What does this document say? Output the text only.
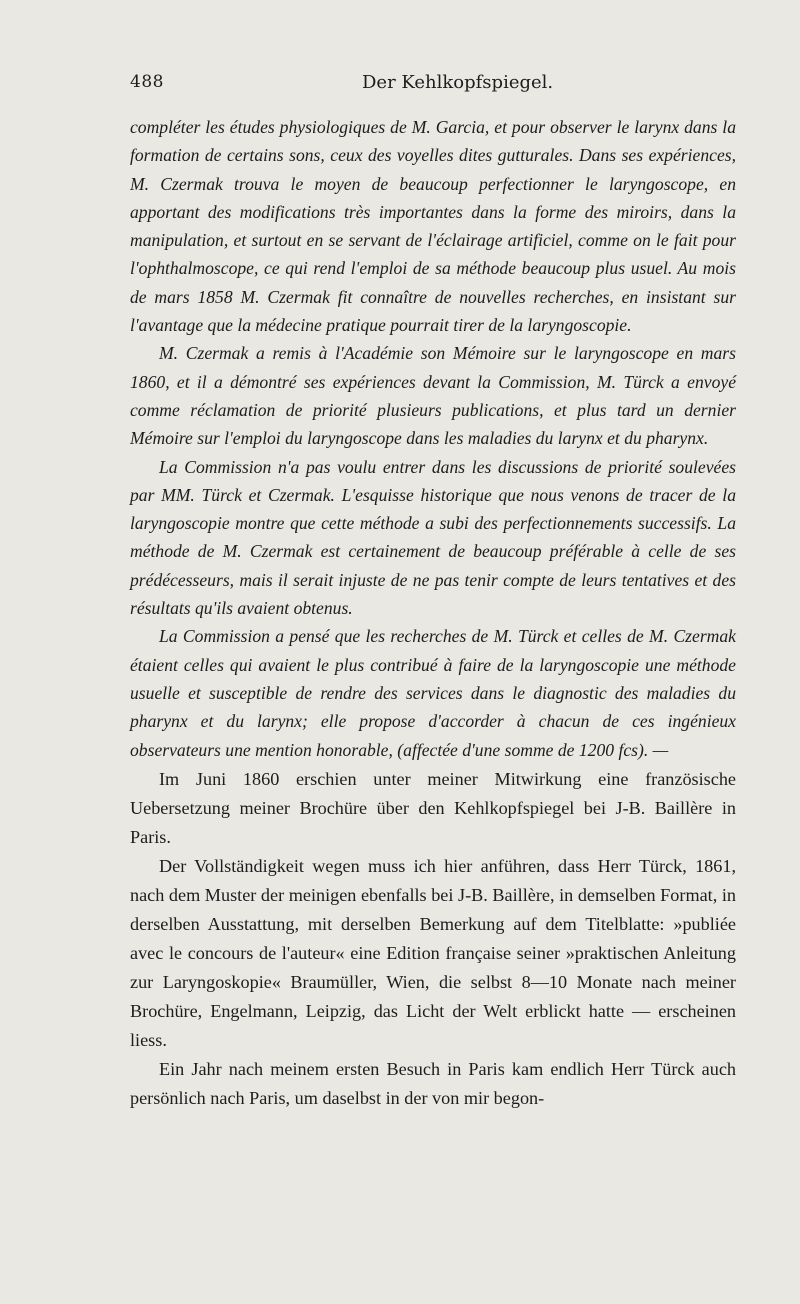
488	Der Kehlkopfspiegel.

compléter les études physiologiques de M. Garcia, et pour observer le larynx dans la formation de certains sons, ceux des voyelles dites gutturales. Dans ses expériences, M. Czermak trouva le moyen de beaucoup perfectionner le laryngoscope, en apportant des modifications très importantes dans la forme des miroirs, dans la manipulation, et surtout en se servant de l'éclairage artificiel, comme on le fait pour l'ophthalmoscope, ce qui rend l'emploi de sa méthode beaucoup plus usuel. Au mois de mars 1858 M. Czermak fit connaître de nouvelles recherches, en insistant sur l'avantage que la médecine pratique pourrait tirer de la laryngoscopie.

M. Czermak a remis à l'Académie son Mémoire sur le laryngoscope en mars 1860, et il a démontré ses expériences devant la Commission, M. Türck a envoyé comme réclamation de priorité plusieurs publications, et plus tard un dernier Mémoire sur l'emploi du laryngoscope dans les maladies du larynx et du pharynx.

La Commission n'a pas voulu entrer dans les discussions de priorité soulevées par MM. Türck et Czermak. L'esquisse historique que nous venons de tracer de la laryngoscopie montre que cette méthode a subi des perfectionnements successifs. La méthode de M. Czermak est certainement de beaucoup préférable à celle de ses prédécesseurs, mais il serait injuste de ne pas tenir compte de leurs tentatives et des résultats qu'ils avaient obtenus.

La Commission a pensé que les recherches de M. Türck et celles de M. Czermak étaient celles qui avaient le plus contribué à faire de la laryngoscopie une méthode usuelle et susceptible de rendre des services dans le diagnostic des maladies du pharynx et du larynx; elle propose d'accorder à chacun de ces ingénieux observateurs une mention honorable, (affectée d'une somme de 1200 fcs). —

Im Juni 1860 erschien unter meiner Mitwirkung eine französische Uebersetzung meiner Brochüre über den Kehlkopfspiegel bei J-B. Baillère in Paris.

Der Vollständigkeit wegen muss ich hier anführen, dass Herr Türck, 1861, nach dem Muster der meinigen ebenfalls bei J-B. Baillère, in demselben Format, in derselben Ausstattung, mit derselben Bemerkung auf dem Titelblatte: »publiée avec le concours de l'auteur« eine Edition française seiner »praktischen Anleitung zur Laryngoskopie« Braumüller, Wien, die selbst 8—10 Monate nach meiner Brochüre, Engelmann, Leipzig, das Licht der Welt erblickt hatte — erscheinen liess.

Ein Jahr nach meinem ersten Besuch in Paris kam endlich Herr Türck auch persönlich nach Paris, um daselbst in der von mir begon-
